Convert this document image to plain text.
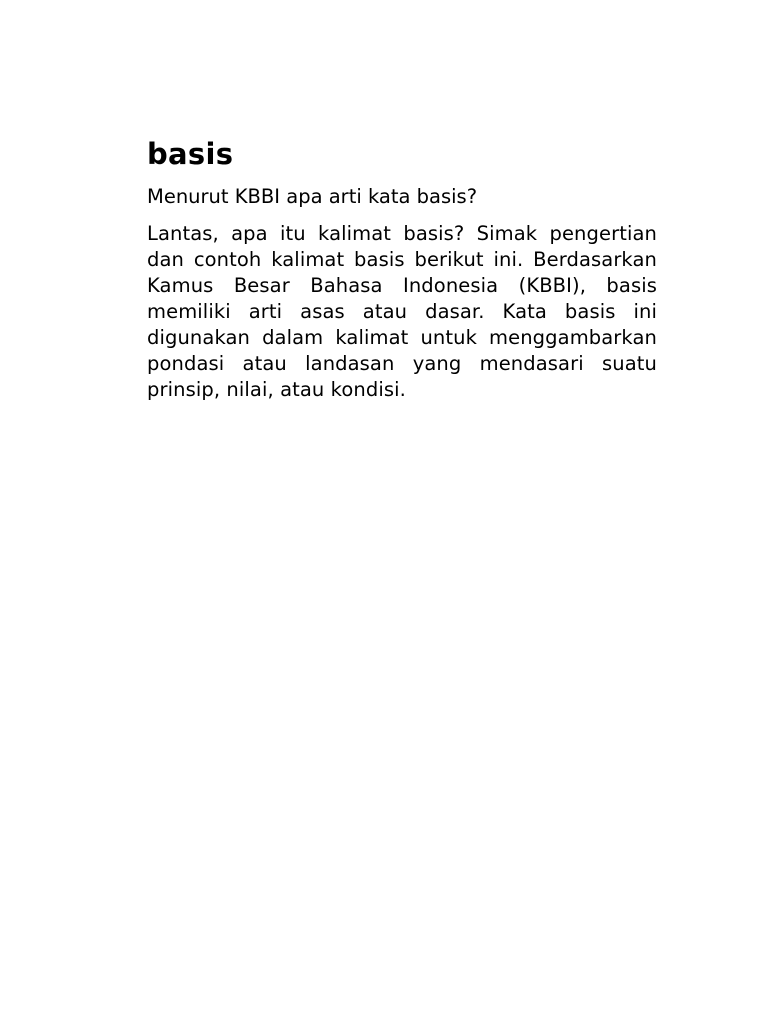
basis

Menurut KBBI apa arti kata basis?

Lantas, apa itu kalimat basis? Simak pengertian dan contoh kalimat basis berikut ini. Berdasarkan Kamus Besar Bahasa Indonesia (KBBI), basis memiliki arti asas atau dasar. Kata basis ini digunakan dalam kalimat untuk menggambarkan pondasi atau landasan yang mendasari suatu prinsip, nilai, atau kondisi.
